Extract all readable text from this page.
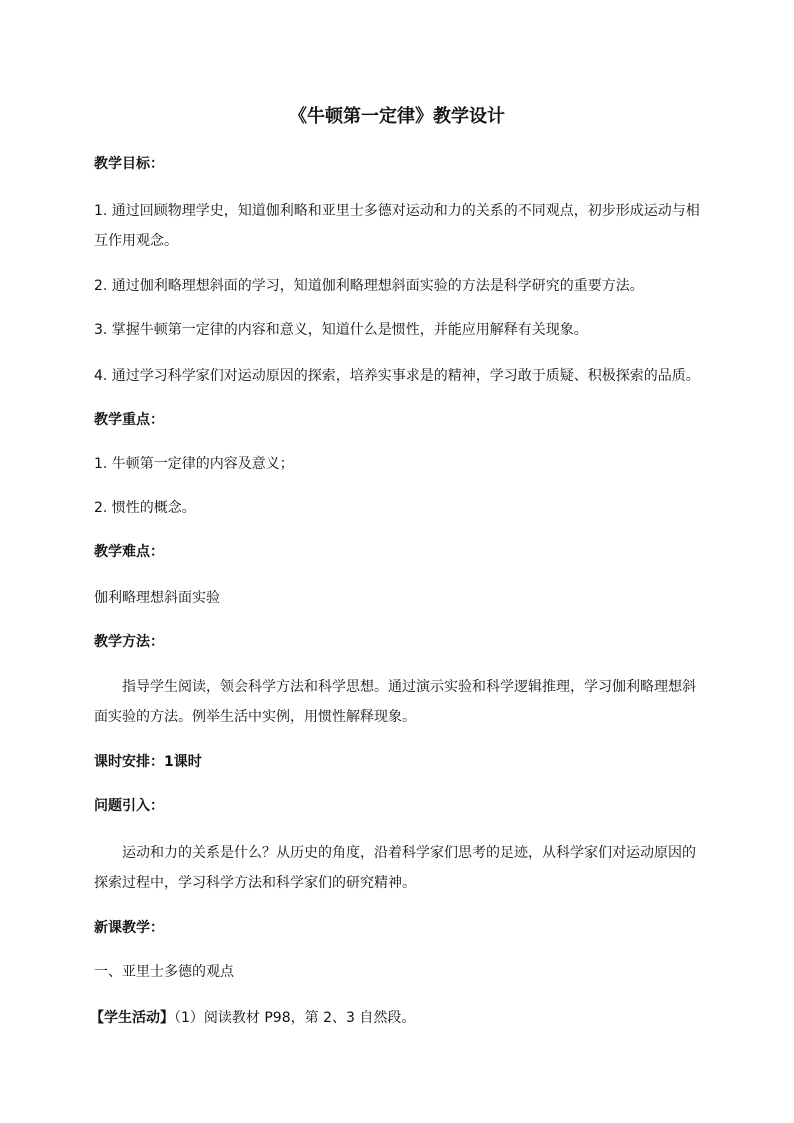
《牛顿第一定律》教学设计
教学目标：

1. 通过回顾物理学史，知道伽利略和亚里士多德对运动和力的关系的不同观点，初步形成运动与相互作用观念。

2. 通过伽利略理想斜面的学习，知道伽利略理想斜面实验的方法是科学研究的重要方法。
3. 掌握牛顿第一定律的内容和意义，知道什么是惯性，并能应用解释有关现象。
4. 通过学习科学家们对运动原因的探索，培养实事求是的精神，学习敢于质疑、积极探索的品质。
教学重点：
1. 牛顿第一定律的内容及意义；
2. 惯性的概念。
教学难点：
伽利略理想斜面实验
教学方法：

指导学生阅读，领会科学方法和科学思想。通过演示实验和科学逻辑推理，学习伽利略理想斜面实验的方法。例举生活中实例，用惯性解释现象。

课时安排：1课时
问题引入：

运动和力的关系是什么？从历史的角度，沿着科学家们思考的足迹，从科学家们对运动原因的探索过程中，学习科学方法和科学家们的研究精神。

新课教学：
一、亚里士多德的观点
【学生活动】（1）阅读教材 P98，第 2、3 自然段。
